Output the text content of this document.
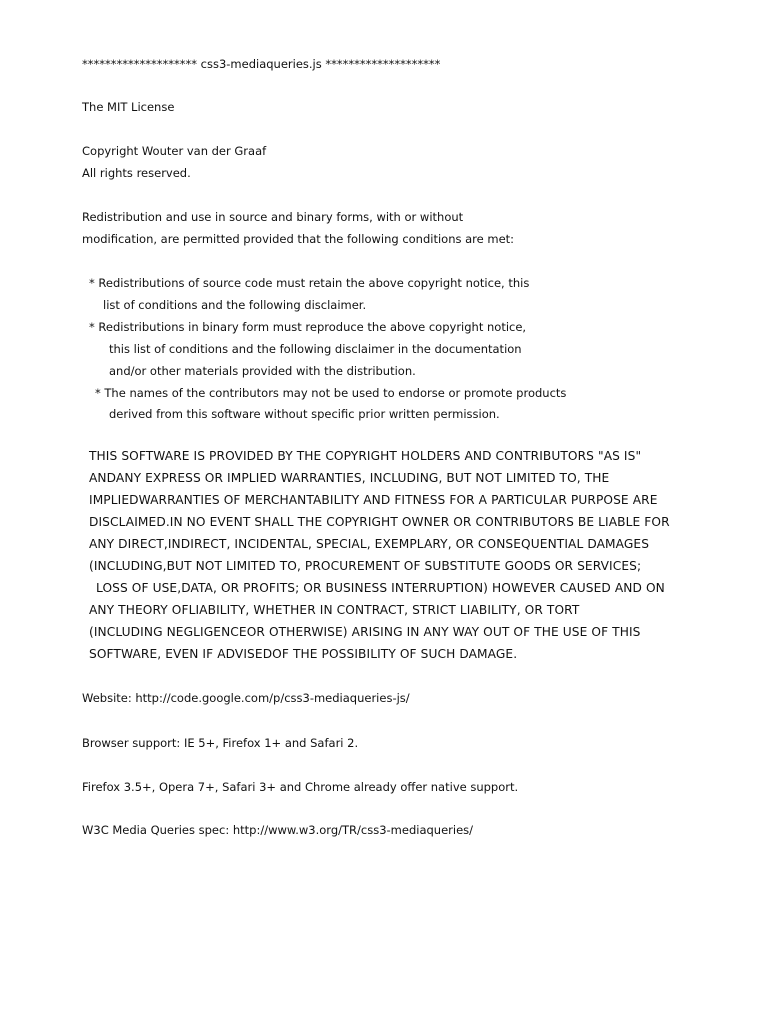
******************** css3-mediaqueries.js ********************
The MIT License
Copyright Wouter van der Graaf
All rights reserved.
Redistribution and use in source and binary forms, with or without
modification, are permitted provided that the following conditions are met:
* Redistributions of source code must retain the above copyright notice, this
list of conditions and the following disclaimer.
* Redistributions in binary form must reproduce the above copyright notice,
this list of conditions and the following disclaimer in the documentation
and/or other materials provided with the distribution.
* The names of the contributors may not be used to endorse or promote products
derived from this software without specific prior written permission.
THIS SOFTWARE IS PROVIDED BY THE COPYRIGHT HOLDERS AND CONTRIBUTORS "AS IS"
ANDANY EXPRESS OR IMPLIED WARRANTIES, INCLUDING, BUT NOT LIMITED TO, THE
IMPLIEDWARRANTIES OF MERCHANTABILITY AND FITNESS FOR A PARTICULAR PURPOSE ARE
DISCLAIMED.IN NO EVENT SHALL THE COPYRIGHT OWNER OR CONTRIBUTORS BE LIABLE FOR
ANY DIRECT,INDIRECT, INCIDENTAL, SPECIAL, EXEMPLARY, OR CONSEQUENTIAL DAMAGES
(INCLUDING,BUT NOT LIMITED TO, PROCUREMENT OF SUBSTITUTE GOODS OR SERVICES;
LOSS OF USE,DATA, OR PROFITS; OR BUSINESS INTERRUPTION) HOWEVER CAUSED AND ON
ANY THEORY OFLIABILITY, WHETHER IN CONTRACT, STRICT LIABILITY, OR TORT
(INCLUDING NEGLIGENCEOR OTHERWISE) ARISING IN ANY WAY OUT OF THE USE OF THIS
SOFTWARE, EVEN IF ADVISEDOF THE POSSIBILITY OF SUCH DAMAGE.
Website: http://code.google.com/p/css3-mediaqueries-js/
Browser support: IE 5+, Firefox 1+ and Safari 2.
Firefox 3.5+, Opera 7+, Safari 3+ and Chrome already offer native support.
W3C Media Queries spec: http://www.w3.org/TR/css3-mediaqueries/
